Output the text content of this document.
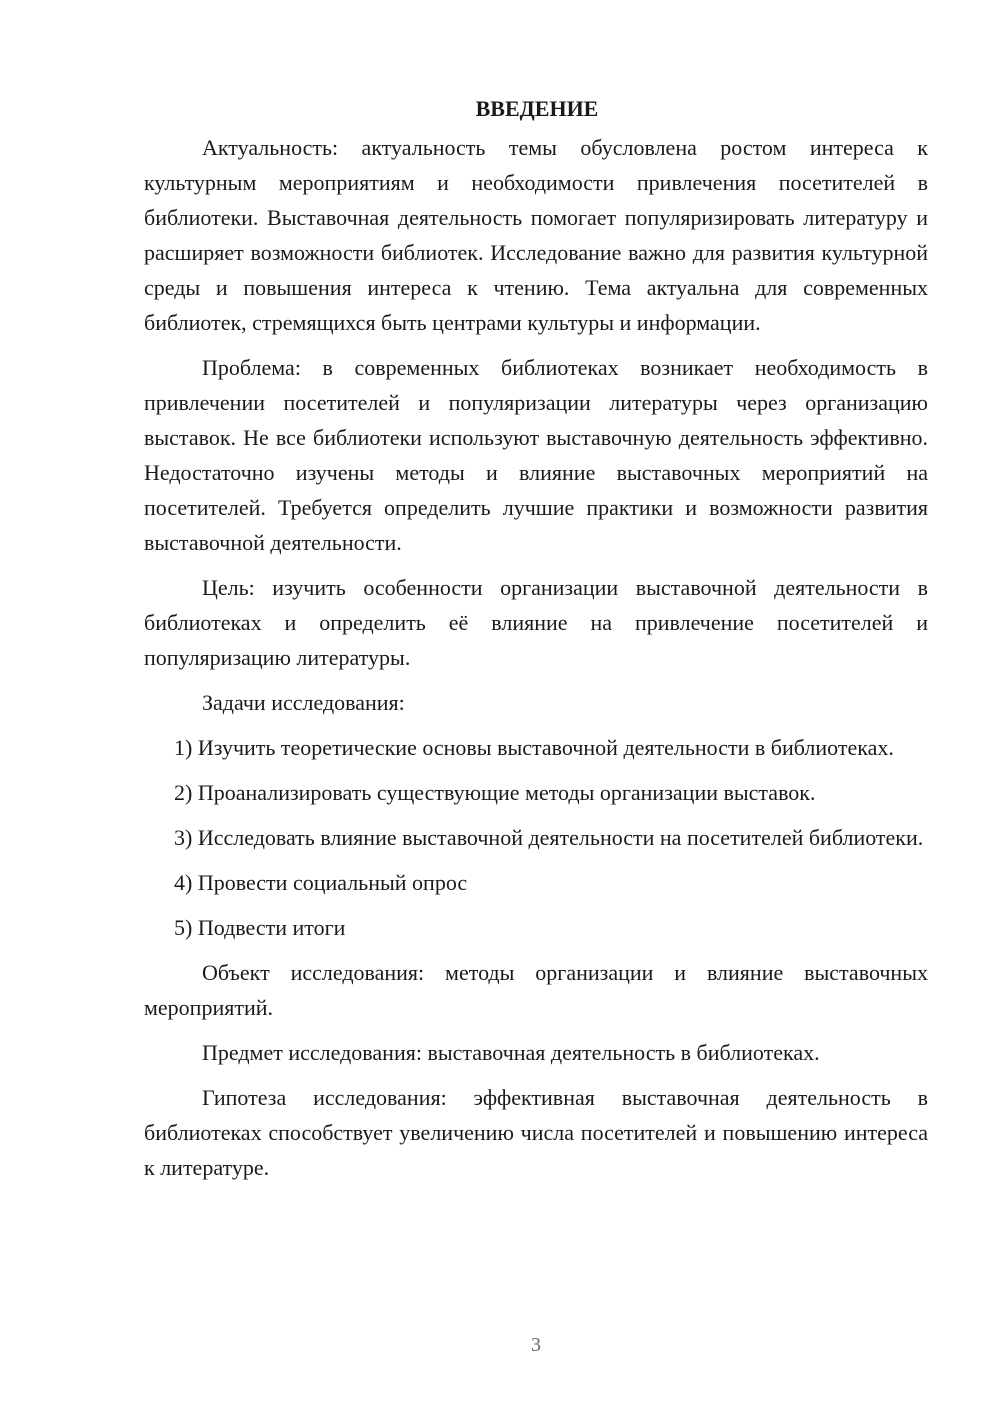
ВВЕДЕНИЕ

Актуальность: актуальность темы обусловлена ростом интереса к культурным мероприятиям и необходимости привлечения посетителей в библиотеки. Выставочная деятельность помогает популяризировать литературу и расширяет возможности библиотек. Исследование важно для развития культурной среды и повышения интереса к чтению. Тема актуальна для современных библиотек, стремящихся быть центрами культуры и информации.

Проблема: в современных библиотеках возникает необходимость в привлечении посетителей и популяризации литературы через организацию выставок. Не все библиотеки используют выставочную деятельность эффективно. Недостаточно изучены методы и влияние выставочных мероприятий на посетителей. Требуется определить лучшие практики и возможности развития выставочной деятельности.

Цель: изучить особенности организации выставочной деятельности в библиотеках и определить её влияние на привлечение посетителей и популяризацию литературы.

Задачи исследования:

1) Изучить теоретические основы выставочной деятельности в библиотеках.

2) Проанализировать существующие методы организации выставок.

3) Исследовать влияние выставочной деятельности на посетителей библиотеки.

4) Провести социальный опрос

5) Подвести итоги

Объект исследования: методы организации и влияние выставочных мероприятий.

Предмет исследования: выставочная деятельность в библиотеках.

Гипотеза исследования: эффективная выставочная деятельность в библиотеках способствует увеличению числа посетителей и повышению интереса к литературе.

3
